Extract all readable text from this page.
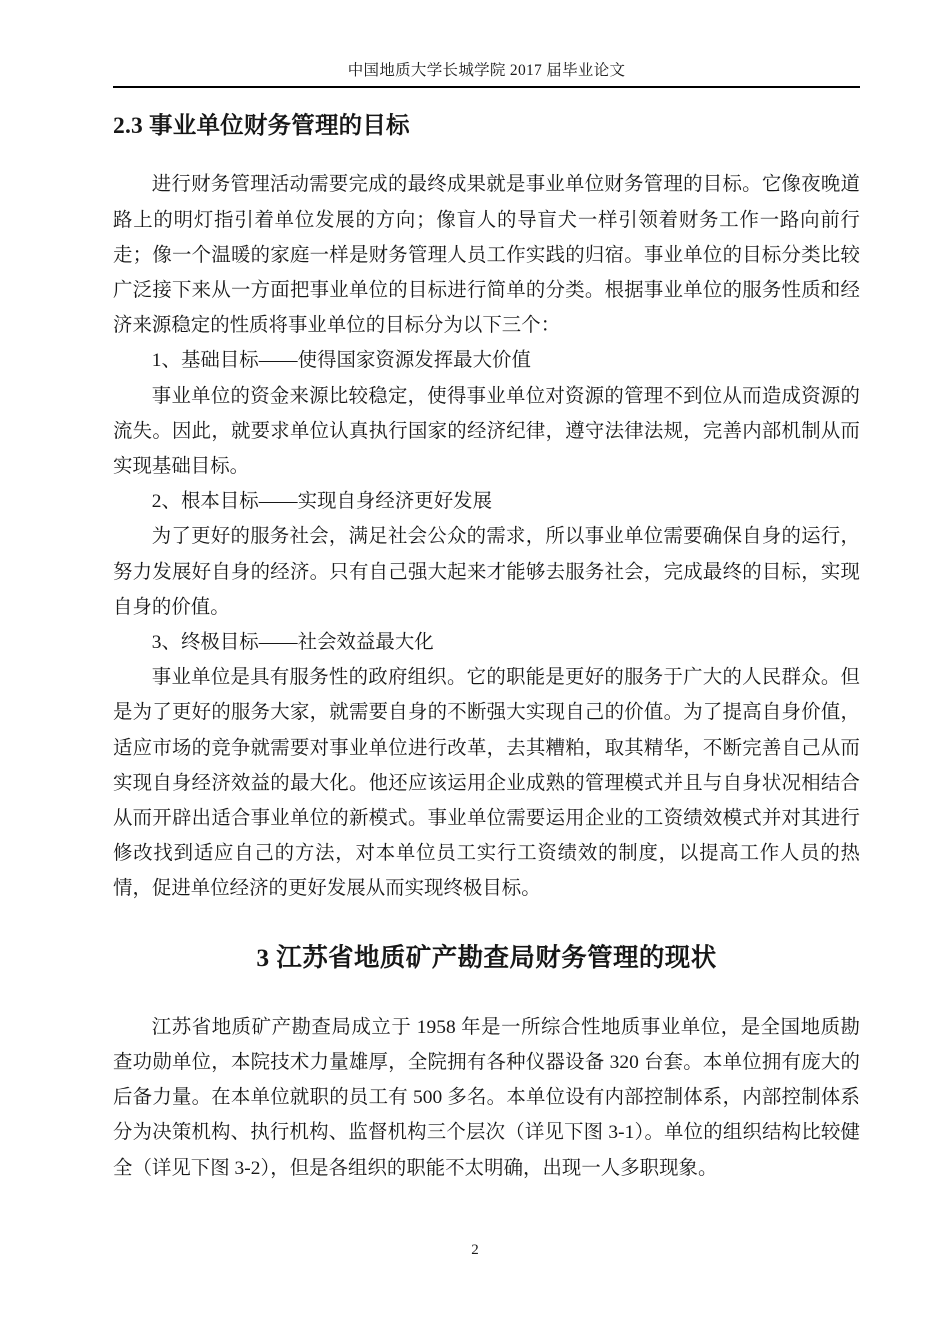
中国地质大学长城学院 2017 届毕业论文
2.3 事业单位财务管理的目标

进行财务管理活动需要完成的最终成果就是事业单位财务管理的目标。它像夜晚道路上的明灯指引着单位发展的方向；像盲人的导盲犬一样引领着财务工作一路向前行走；像一个温暖的家庭一样是财务管理人员工作实践的归宿。事业单位的目标分类比较广泛接下来从一方面把事业单位的目标进行简单的分类。根据事业单位的服务性质和经济来源稳定的性质将事业单位的目标分为以下三个：

1、基础目标——使得国家资源发挥最大价值

事业单位的资金来源比较稳定，使得事业单位对资源的管理不到位从而造成资源的流失。因此，就要求单位认真执行国家的经济纪律，遵守法律法规，完善内部机制从而实现基础目标。

2、根本目标——实现自身经济更好发展

为了更好的服务社会，满足社会公众的需求，所以事业单位需要确保自身的运行，努力发展好自身的经济。只有自己强大起来才能够去服务社会，完成最终的目标，实现自身的价值。

3、终极目标——社会效益最大化

事业单位是具有服务性的政府组织。它的职能是更好的服务于广大的人民群众。但是为了更好的服务大家，就需要自身的不断强大实现自己的价值。为了提高自身价值，适应市场的竞争就需要对事业单位进行改革，去其糟粕，取其精华，不断完善自己从而实现自身经济效益的最大化。他还应该运用企业成熟的管理模式并且与自身状况相结合从而开辟出适合事业单位的新模式。事业单位需要运用企业的工资绩效模式并对其进行修改找到适应自己的方法，对本单位员工实行工资绩效的制度，以提高工作人员的热情，促进单位经济的更好发展从而实现终极目标。

3 江苏省地质矿产勘查局财务管理的现状

江苏省地质矿产勘查局成立于 1958 年是一所综合性地质事业单位，是全国地质勘查功勋单位，本院技术力量雄厚，全院拥有各种仪器设备 320 台套。本单位拥有庞大的后备力量。在本单位就职的员工有 500 多名。本单位设有内部控制体系，内部控制体系分为决策机构、执行机构、监督机构三个层次（详见下图 3-1）。单位的组织结构比较健全（详见下图 3-2），但是各组织的职能不太明确，出现一人多职现象。

2
